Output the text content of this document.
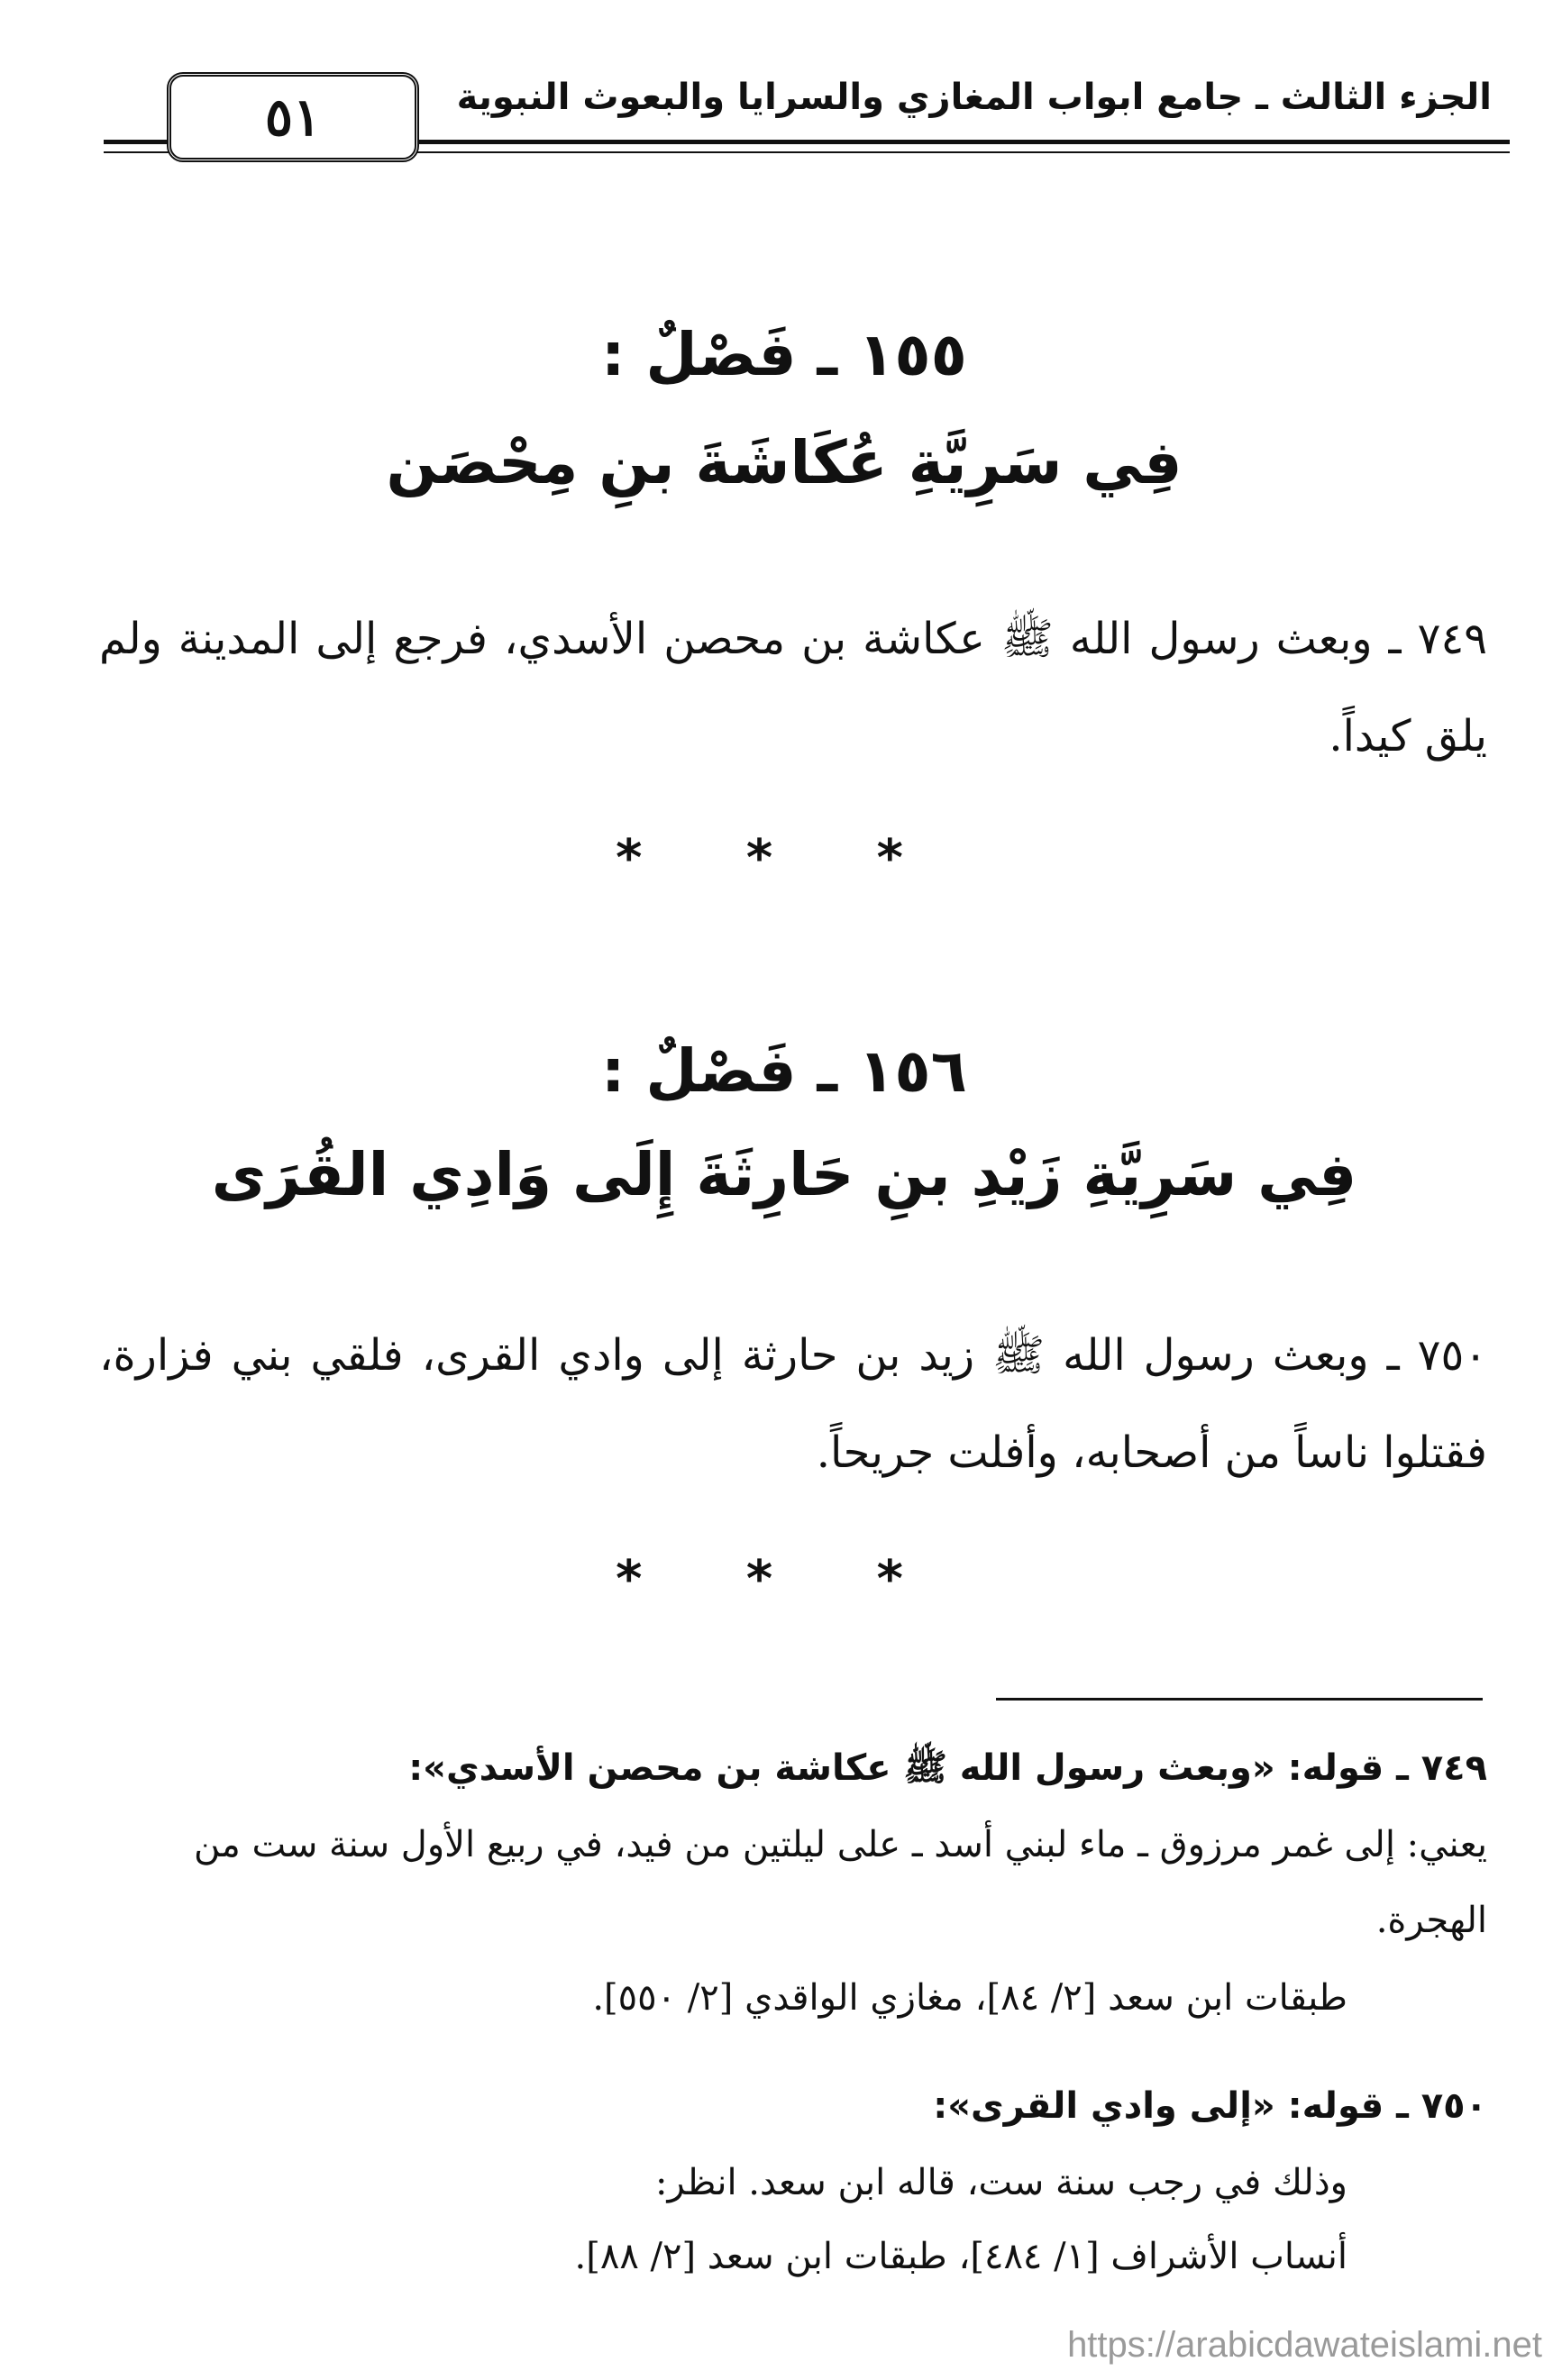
الجزء الثالث ـ جامع ابواب المغازي والسرايا والبعوث النبوية
٥١
١٥٥ ـ فَصْلٌ :
فِي سَرِيَّةِ عُكَاشَةَ بنِ مِحْصَن
٧٤٩ ـ وبعث رسول الله ﷺ عكاشة بن محصن الأسدي، فرجع إلى المدينة ولم يلق كيداً.
* * *
١٥٦ ـ فَصْلٌ :
فِي سَرِيَّةِ زَيْدِ بنِ حَارِثَةَ إِلَى وَادِي القُرَى
٧٥٠ ـ وبعث رسول الله ﷺ زيد بن حارثة إلى وادي القرى، فلقي بني فزارة، فقتلوا ناساً من أصحابه، وأفلت جريحاً.
* * *
٧٤٩ ـ قوله: «وبعث رسول الله ﷺ عكاشة بن محصن الأسدي»:
يعني: إلى غمر مرزوق ـ ماء لبني أسد ـ على ليلتين من فيد، في ربيع الأول سنة ست من الهجرة.
طبقات ابن سعد [٢/ ٨٤]، مغازي الواقدي [٢/ ٥٥٠].
٧٥٠ ـ قوله: «إلى وادي القرى»:
وذلك في رجب سنة ست، قاله ابن سعد. انظر:
أنساب الأشراف [١/ ٤٨٤]، طبقات ابن سعد [٢/ ٨٨].
https://arabicdawateislami.net
